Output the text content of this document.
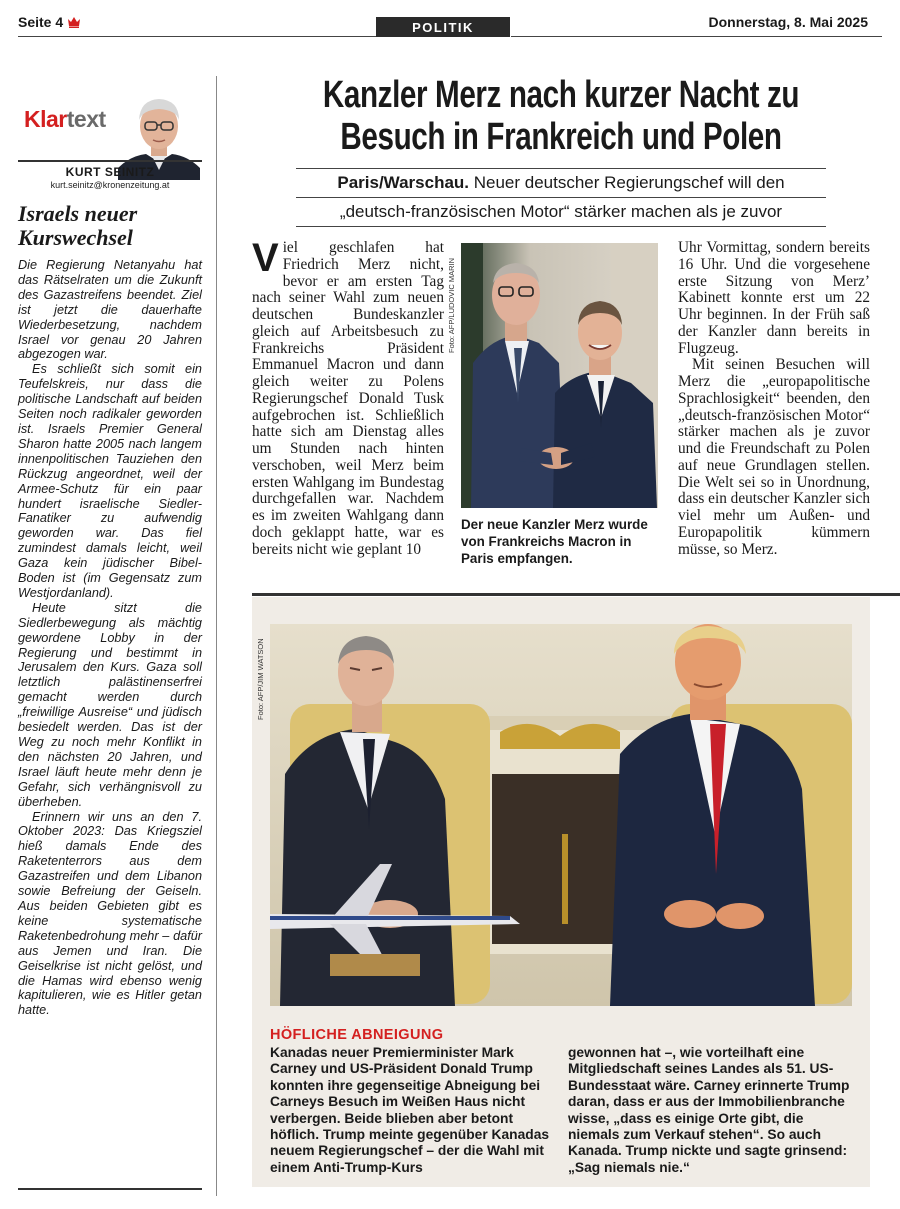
Seite 4	POLITIK	Donnerstag, 8. Mai 2025
Klartext
KURT SEINITZ
kurt.seinitz@kronenzeitung.at
Israels neuer Kurswechsel

Die Regierung Netanyahu hat das Rätselraten um die Zukunft des Gazastreifens beendet. Ziel ist jetzt die dauerhafte Wiederbesetzung, nachdem Israel vor genau 20 Jahren abgezogen war.

Es schließt sich somit ein Teufelskreis, nur dass die politische Landschaft auf beiden Seiten noch radikaler geworden ist. Israels Premier General Sharon hatte 2005 nach langem innenpolitischen Tauziehen den Rückzug angeordnet, weil der Armee-Schutz für ein paar hundert israelische Siedler-Fanatiker zu aufwendig geworden war. Das fiel zumindest damals leicht, weil Gaza kein jüdischer Bibel-Boden ist (im Gegensatz zum Westjordanland).

Heute sitzt die Siedlerbewegung als mächtig gewordene Lobby in der Regierung und bestimmt in Jerusalem den Kurs. Gaza soll letztlich palästinenserfrei gemacht werden durch „freiwillige Ausreise“ und jüdisch besiedelt werden. Das ist der Weg zu noch mehr Konflikt in den nächsten 20 Jahren, und Israel läuft heute mehr denn je Gefahr, sich verhängnisvoll zu überheben.

Erinnern wir uns an den 7. Oktober 2023: Das Kriegsziel hieß damals Ende des Raketenterrors aus dem Gazastreifen und dem Libanon sowie Befreiung der Geiseln. Aus beiden Gebieten gibt es keine systematische Raketenbedrohung mehr – dafür aus Jemen und Iran. Die Geiselkrise ist nicht gelöst, und die Hamas wird ebenso wenig kapitulieren, wie es Hitler getan hatte.

Kanzler Merz nach kurzer Nacht zu
Besuch in Frankreich und Polen
Paris/Warschau. Neuer deutscher Regierungschef will den
„deutsch-französischen Motor“ stärker machen als je zuvor
Viel geschlafen hat Friedrich Merz nicht, bevor er am ersten Tag nach seiner Wahl zum neuen deutschen Bundeskanzler gleich auf Arbeitsbesuch zu Frankreichs Präsident Emmanuel Macron und dann gleich weiter zu Polens Regierungschef Donald Tusk aufgebrochen ist. Schließlich hatte sich am Dienstag alles um Stunden nach hinten verschoben, weil Merz beim ersten Wahlgang im Bundestag durchgefallen war. Nachdem es im zweiten Wahlgang dann doch geklappt hatte, war es bereits nicht wie geplant 10
Foto: AFP/LUDOVIC MARIN
Der neue Kanzler Merz wurde von Frankreichs Macron in Paris empfangen.

Uhr Vormittag, sondern bereits 16 Uhr. Und die vorgesehene erste Sitzung von Merz’ Kabinett konnte erst um 22 Uhr beginnen. In der Früh saß der Kanzler dann bereits in Flugzeug.

Mit seinen Besuchen will Merz die „europapolitische Sprachlosigkeit“ beenden, den „deutsch-französischen Motor“ stärker machen als je zuvor und die Freundschaft zu Polen auf neue Grundlagen stellen. Die Welt sei so in Unordnung, dass ein deutscher Kanzler sich viel mehr um Außen- und Europapolitik kümmern müsse, so Merz.

Foto: AFP/JIM WATSON
HÖFLICHE ABNEIGUNG
Kanadas neuer Premierminister Mark Carney und US-Präsident Donald Trump konnten ihre gegenseitige Abneigung bei Carneys Besuch im Weißen Haus nicht verbergen. Beide blieben aber betont höflich. Trump meinte gegenüber Kanadas neuem Regierungschef – der die Wahl mit einem Anti-Trump-Kurs
gewonnen hat –, wie vorteilhaft eine Mitgliedschaft seines Landes als 51. US-Bundesstaat wäre. Carney erinnerte Trump daran, dass er aus der Immobilienbranche wisse, „dass es einige Orte gibt, die niemals zum Verkauf stehen“. So auch Kanada. Trump nickte und sagte grinsend: „Sag niemals nie.“
